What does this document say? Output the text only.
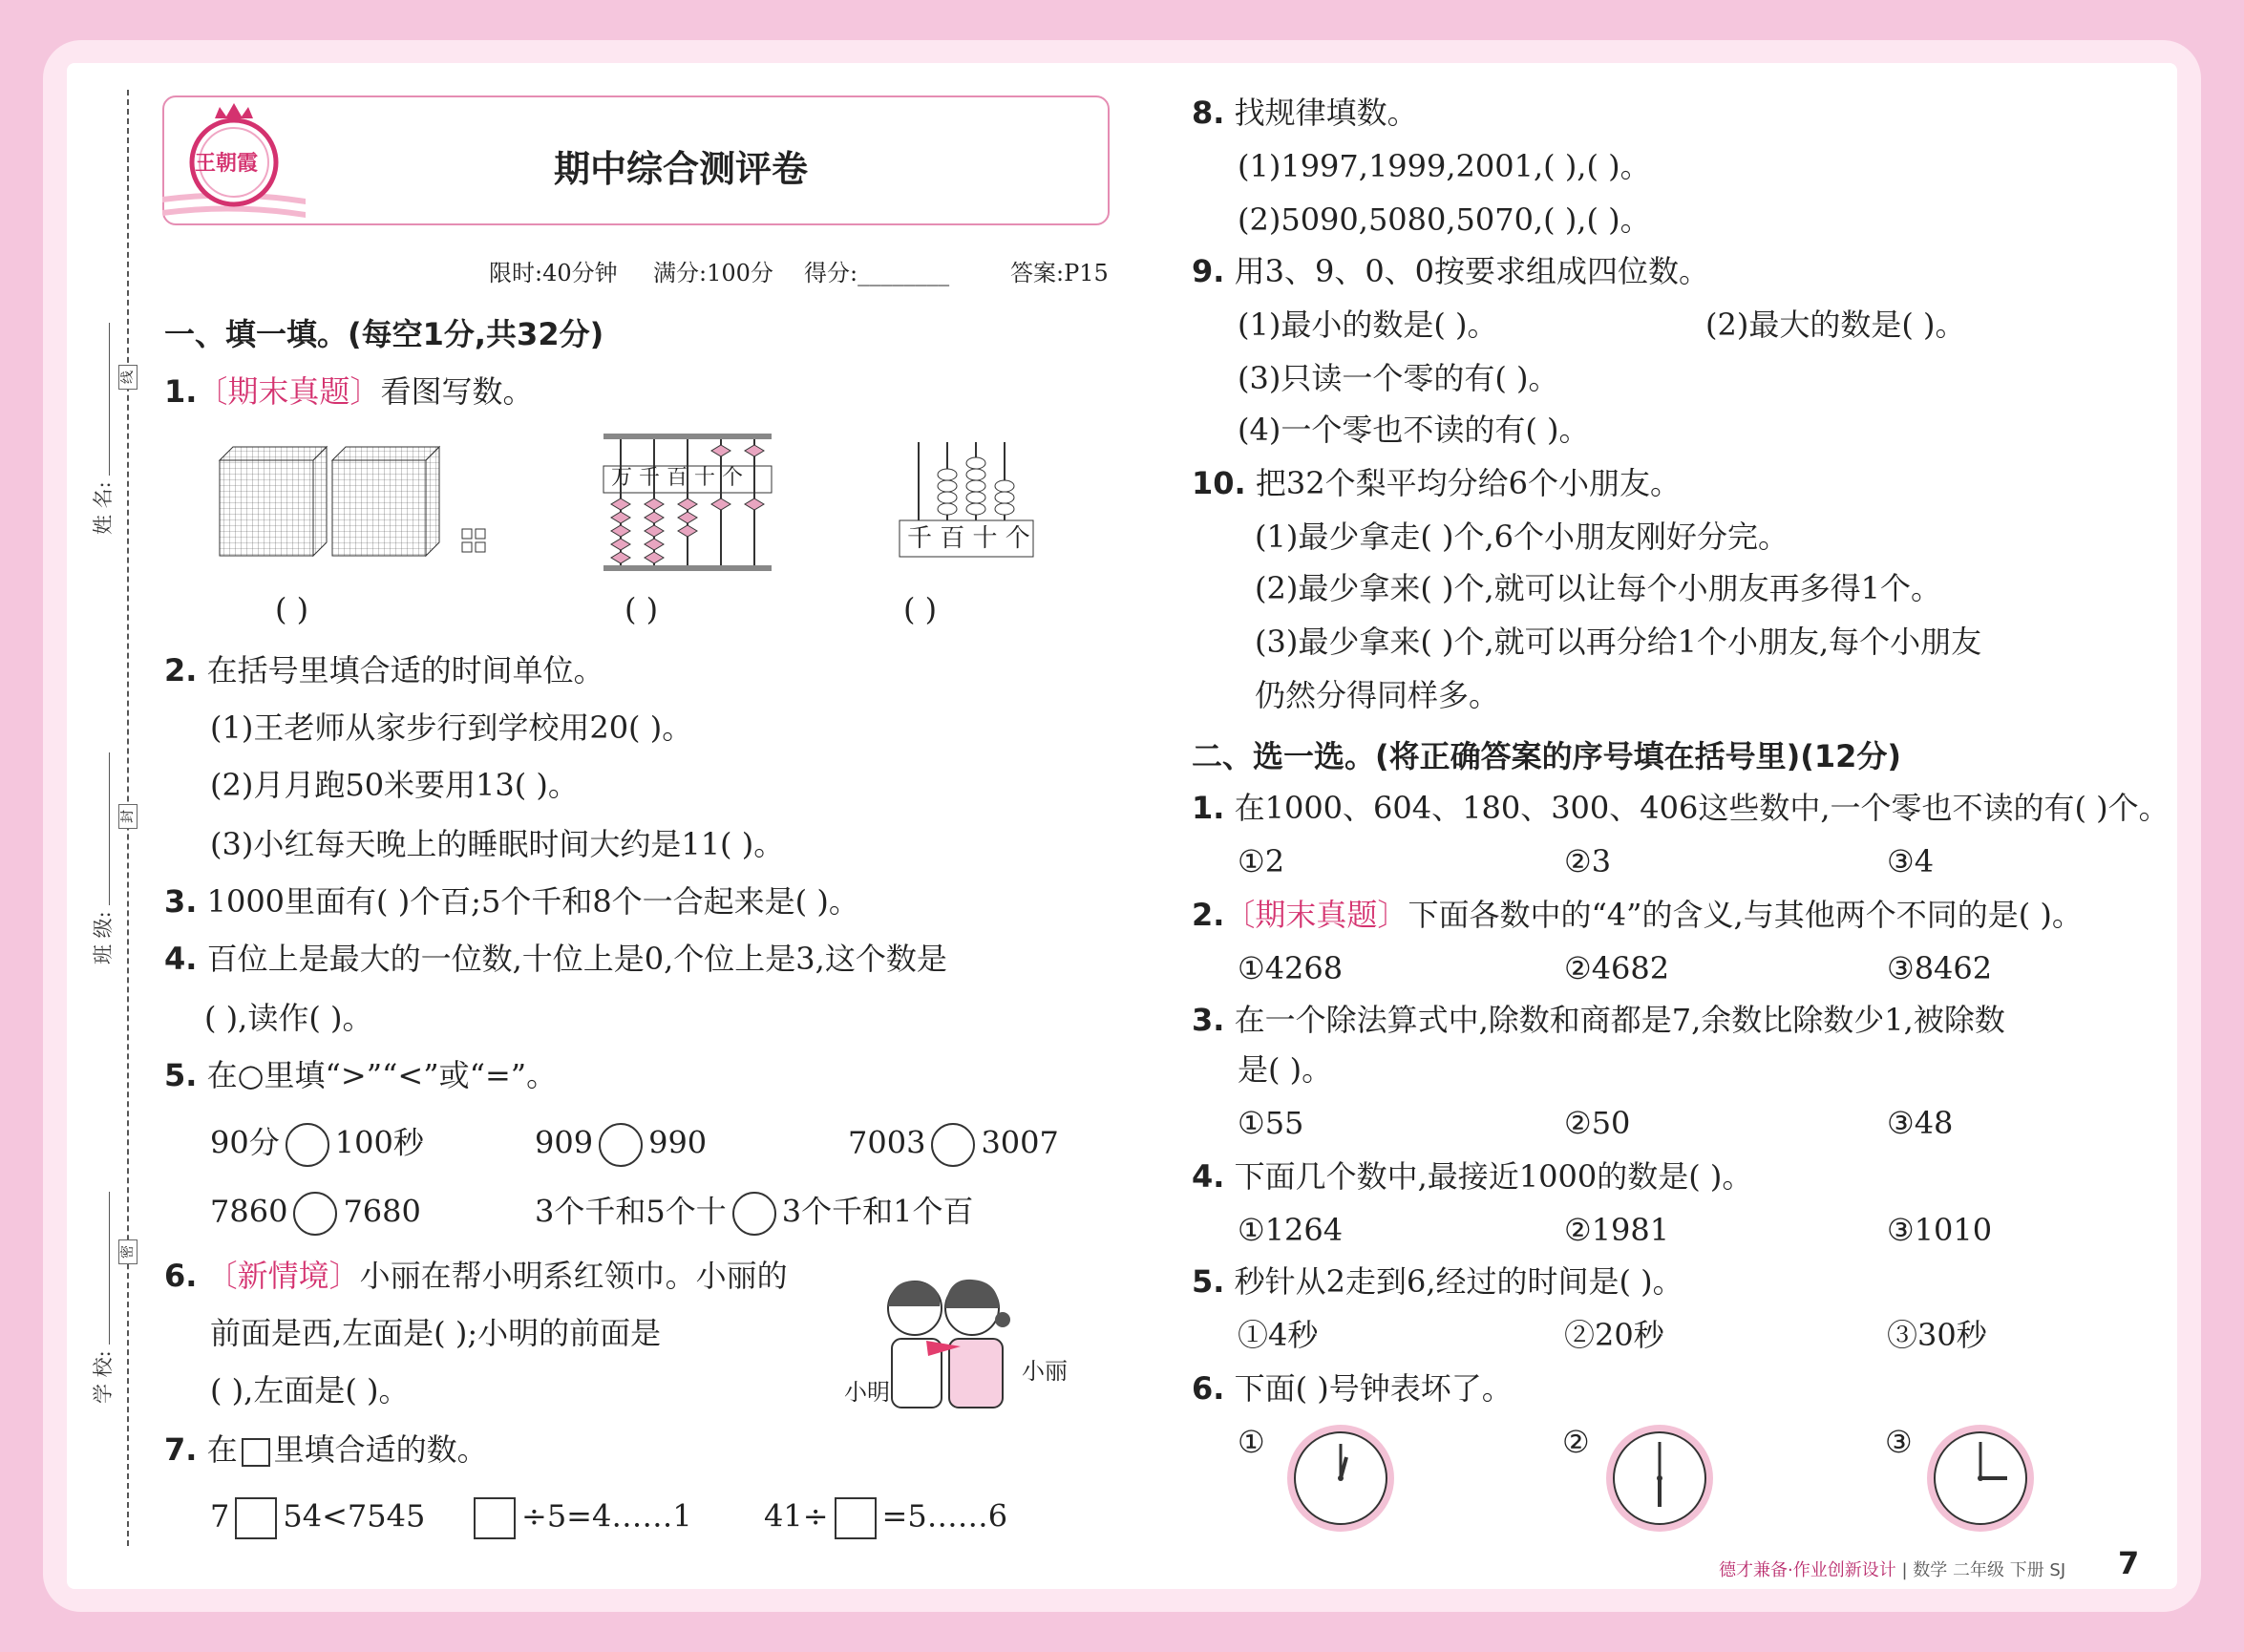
姓 名:
班 级:
学 校:
线
封
密
王朝霞	期中综合测评卷
限时:40分钟 满分:100分 得分:________	答案:P15
一、填一填。(每空1分,共32分)
1.〔期末真题〕看图写数。
万 千 百 十 个
千 百 十 个
( )	( )	( )
2. 在括号里填合适的时间单位。
(1)王老师从家步行到学校用20( )。
(2)月月跑50米要用13( )。
(3)小红每天晚上的睡眠时间大约是11( )。
3. 1000里面有( )个百;5个千和8个一合起来是( )。
4. 百位上是最大的一位数,十位上是0,个位上是3,这个数是
( ),读作( )。
5. 在○里填“>”“<”或“=”。
90分 100秒	909 990	7003 3007
7860 7680	3个千和5个十 3个千和1个百
6. 〔新情境〕小丽在帮小明系红领巾。小丽的
前面是西,左面是( );小明的前面是
( ),左面是( )。	小明
小丽
7. 在 里填合适的数。
7 54<7545	÷5=4……1 41÷ =5……6
8. 找规律填数。
(1)1997,1999,2001,( ),( )。
(2)5090,5080,5070,( ),( )。
9. 用3、9、0、0按要求组成四位数。
(1)最小的数是( )。	(2)最大的数是( )。
(3)只读一个零的有( )。
(4)一个零也不读的有( )。
10. 把32个梨平均分给6个小朋友。
(1)最少拿走( )个,6个小朋友刚好分完。
(2)最少拿来( )个,就可以让每个小朋友再多得1个。
(3)最少拿来( )个,就可以再分给1个小朋友,每个小朋友
仍然分得同样多。
二、选一选。(将正确答案的序号填在括号里)(12分)
1. 在1000、604、180、300、406这些数中,一个零也不读的有( )个。
①2	②3	③4
2.〔期末真题〕下面各数中的“4”的含义,与其他两个不同的是( )。
①4268	②4682	③8462
3. 在一个除法算式中,除数和商都是7,余数比除数少1,被除数
是( )。
①55	②50	③48
4. 下面几个数中,最接近1000的数是( )。
①1264	②1981	③1010
5. 秒针从2走到6,经过的时间是( )。
①4秒	②20秒	③30秒
6. 下面( )号钟表坏了。
①	②	③
德才兼备·作业创新设计 | 数学 二年级 下册 SJ 7
